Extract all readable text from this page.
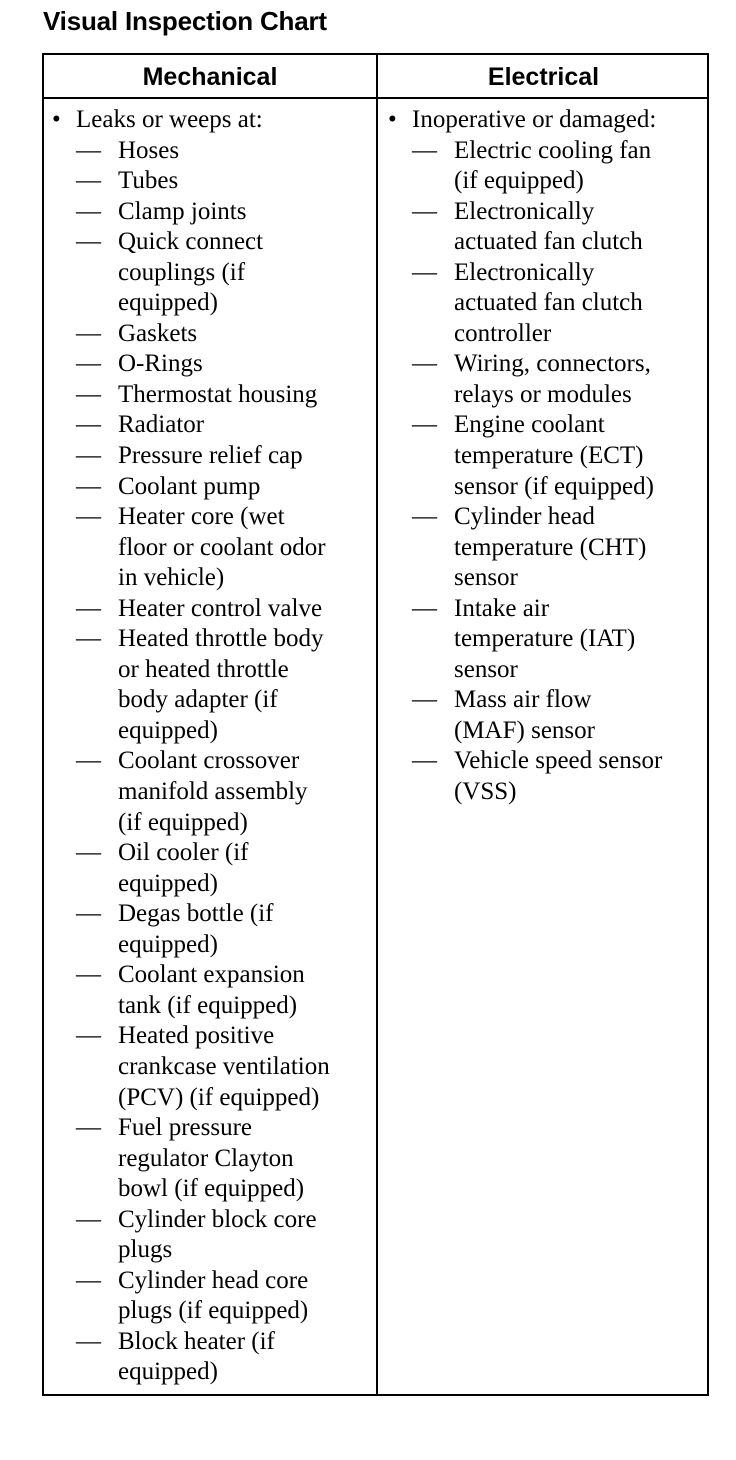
Visual Inspection Chart
Mechanical	Electrical
• Leaks or weeps at:
— Hoses
— Tubes
— Clamp joints
— Quick connect
couplings (if
equipped)
— Gaskets
— O-Rings
— Thermostat housing
— Radiator
— Pressure relief cap
— Coolant pump
— Heater core (wet
floor or coolant odor
in vehicle)
— Heater control valve
— Heated throttle body
or heated throttle
body adapter (if
equipped)
— Coolant crossover
manifold assembly
(if equipped)
— Oil cooler (if
equipped)
— Degas bottle (if
equipped)
— Coolant expansion
tank (if equipped)
— Heated positive
crankcase ventilation
(PCV) (if equipped)
— Fuel pressure
regulator Clayton
bowl (if equipped)
— Cylinder block core
plugs
— Cylinder head core
plugs (if equipped)
— Block heater (if
equipped)
• Inoperative or damaged:
— Electric cooling fan
(if equipped)
— Electronically
actuated fan clutch
— Electronically
actuated fan clutch
controller
— Wiring, connectors,
relays or modules
— Engine coolant
temperature (ECT)
sensor (if equipped)
— Cylinder head
temperature (CHT)
sensor
— Intake air
temperature (IAT)
sensor
— Mass air flow
(MAF) sensor
— Vehicle speed sensor
(VSS)
